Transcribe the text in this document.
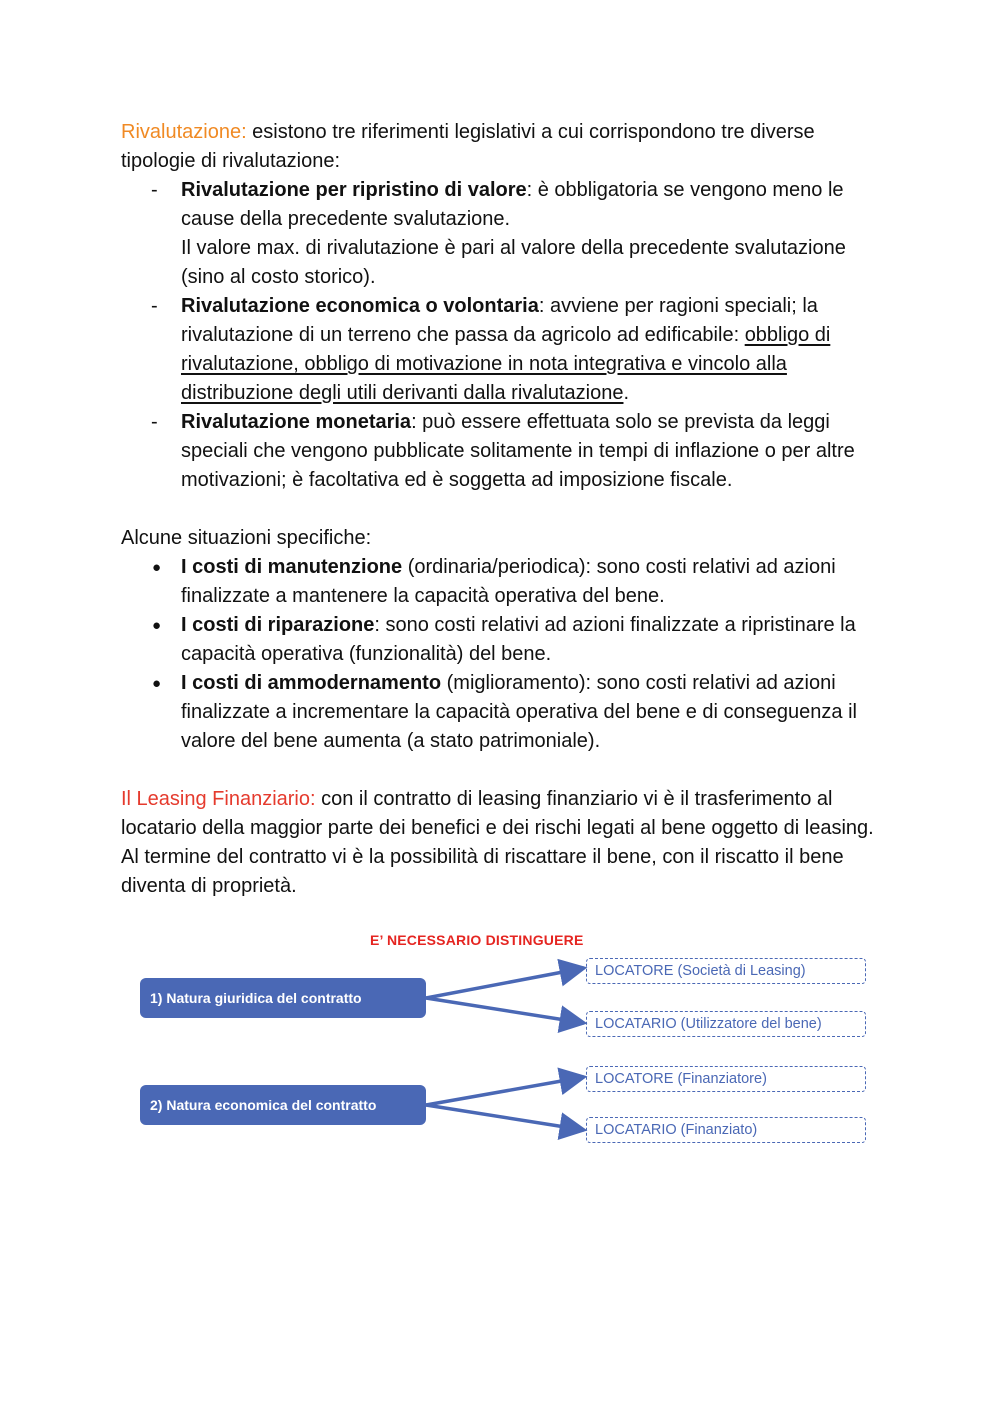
Rivalutazione: esistono tre riferimenti legislativi a cui corrispondono tre diverse tipologie di rivalutazione:

-	Rivalutazione per ripristino di valore: è obbligatoria se vengono meno le cause della precedente svalutazione.
Il valore max. di rivalutazione è pari al valore della precedente svalutazione (sino al costo storico).
-	Rivalutazione economica o volontaria: avviene per ragioni speciali; la rivalutazione di un terreno che passa da agricolo ad edificabile: obbligo di rivalutazione, obbligo di motivazione in nota integrativa e vincolo alla distribuzione degli utili derivanti dalla rivalutazione.
-	Rivalutazione monetaria: può essere effettuata solo se prevista da leggi speciali che vengono pubblicate solitamente in tempi di inflazione o per altre motivazioni; è facoltativa ed è soggetta ad imposizione fiscale.

Alcune situazioni specifiche:

● I costi di manutenzione (ordinaria/periodica): sono costi relativi ad azioni finalizzate a mantenere la capacità operativa del bene.
● I costi di riparazione: sono costi relativi ad azioni finalizzate a ripristinare la capacità operativa (funzionalità) del bene.
● I costi di ammodernamento (miglioramento): sono costi relativi ad azioni finalizzate a incrementare la capacità operativa del bene e di conseguenza il valore del bene aumenta (a stato patrimoniale).

Il Leasing Finanziario: con il contratto di leasing finanziario vi è il trasferimento al locatario della maggior parte dei benefici e dei rischi legati al bene oggetto di leasing. Al termine del contratto vi è la possibilità di riscattare il bene, con il riscatto il bene diventa di proprietà.

E’ NECESSARIO DISTINGUERE
1) Natura giuridica del contratto
LOCATORE (Società di Leasing)
LOCATARIO (Utilizzatore del bene)
2) Natura economica del contratto
LOCATORE (Finanziatore)
LOCATARIO (Finanziato)
